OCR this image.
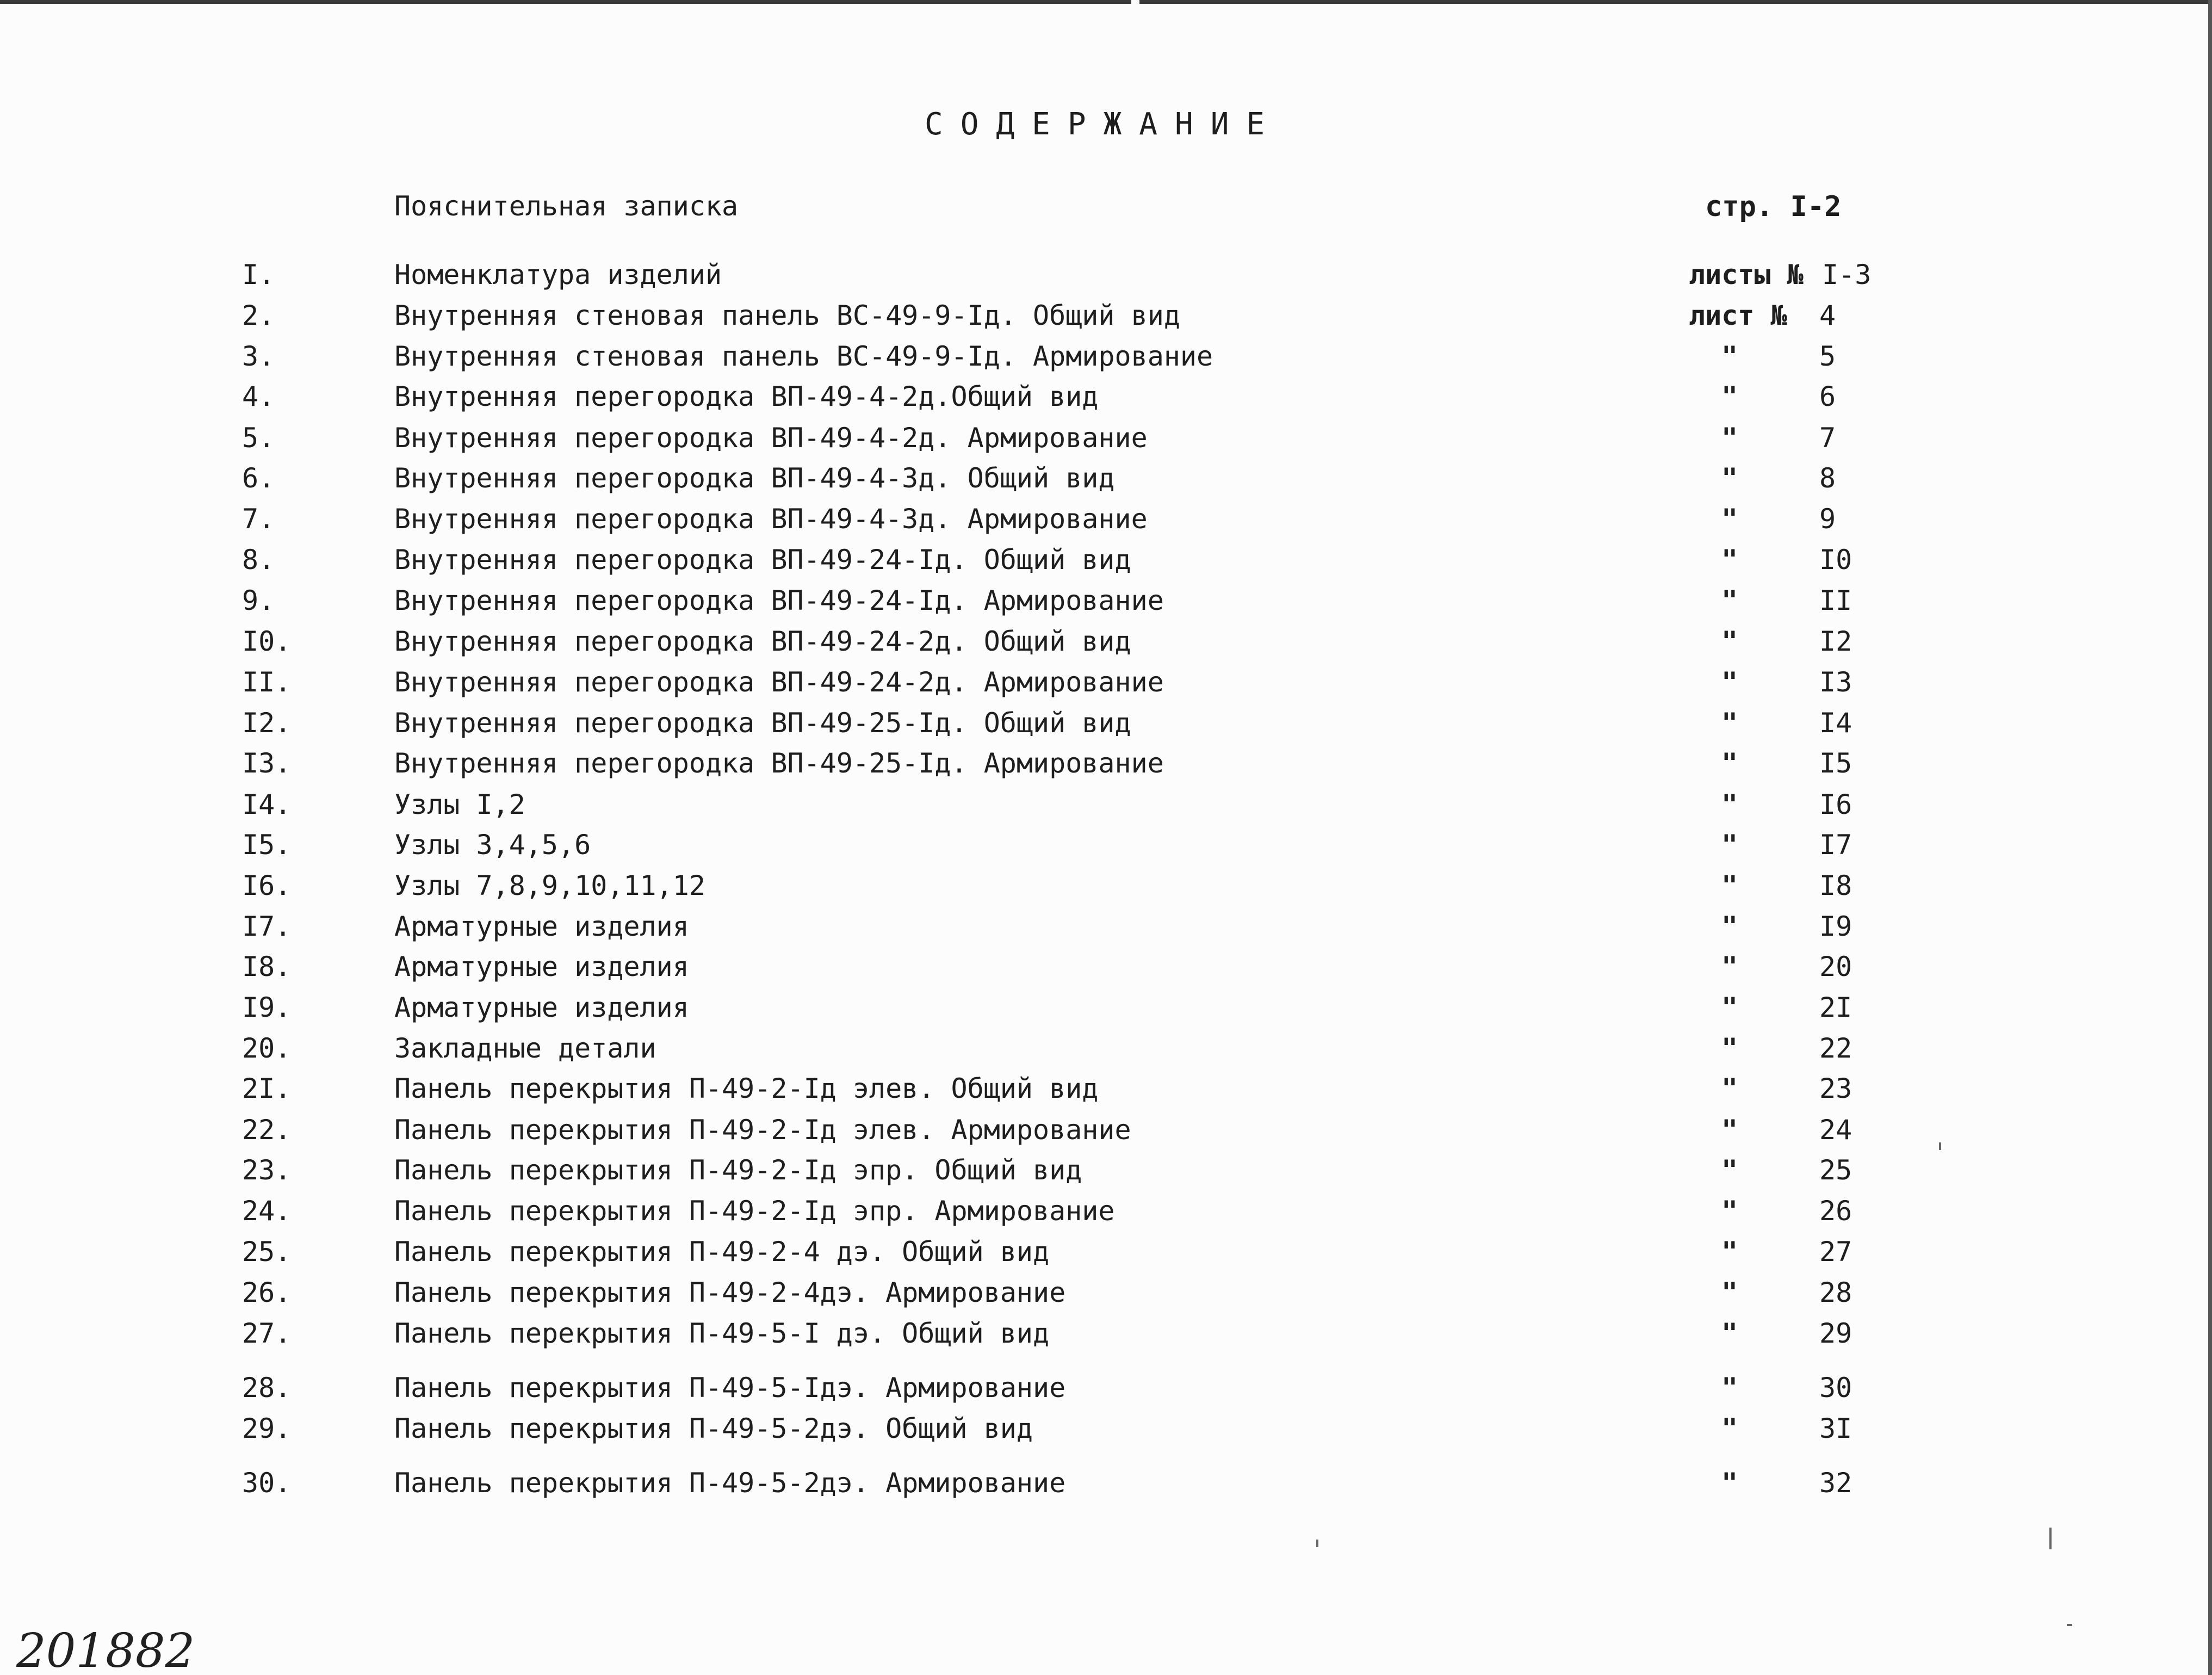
СОДЕРЖАНИЕ
Пояснительная записка	стр. I-2
I.	Номенклатура изделий	листы № I-3
2.	Внутренняя стеновая панель ВС-49-9-Iд. Общий вид	лист № 4
3.	Внутренняя стеновая панель ВС-49-9-Iд. Армирование	"	5
4.	Внутренняя перегородка ВП-49-4-2д.Общий вид	"	6
5.	Внутренняя перегородка ВП-49-4-2д. Армирование	"	7
6.	Внутренняя перегородка ВП-49-4-3д. Общий вид	"	8
7.	Внутренняя перегородка ВП-49-4-3д. Армирование	"	9
8.	Внутренняя перегородка ВП-49-24-Iд. Общий вид	"	I0
9.	Внутренняя перегородка ВП-49-24-Iд. Армирование	"	II
I0.	Внутренняя перегородка ВП-49-24-2д. Общий вид	"	I2
II.	Внутренняя перегородка ВП-49-24-2д. Армирование	"	I3
I2.	Внутренняя перегородка ВП-49-25-Iд. Общий вид	"	I4
I3.	Внутренняя перегородка ВП-49-25-Iд. Армирование	"	I5
I4.	Узлы I,2	"	I6
I5.	Узлы 3,4,5,6	"	I7
I6.	Узлы 7,8,9,10,11,12	"	I8
I7.	Арматурные изделия	"	I9
I8.	Арматурные изделия	"	20
I9.	Арматурные изделия	"	2I
20.	Закладные детали	"	22
2I.	Панель перекрытия П-49-2-Iд элев. Общий вид	"	23
22.	Панель перекрытия П-49-2-Iд элев. Армирование	"	24
23.	Панель перекрытия П-49-2-Iд эпр. Общий вид	"	25
24.	Панель перекрытия П-49-2-Iд эпр. Армирование	"	26
25.	Панель перекрытия П-49-2-4 дэ. Общий вид	"	27
26.	Панель перекрытия П-49-2-4дэ. Армирование	"	28
27.	Панель перекрытия П-49-5-I дэ. Общий вид	"	29
28.	Панель перекрытия П-49-5-Iдэ. Армирование	"	30
29.	Панель перекрытия П-49-5-2дэ. Общий вид	"	3I
30.	Панель перекрытия П-49-5-2дэ. Армирование	"	32
201882
